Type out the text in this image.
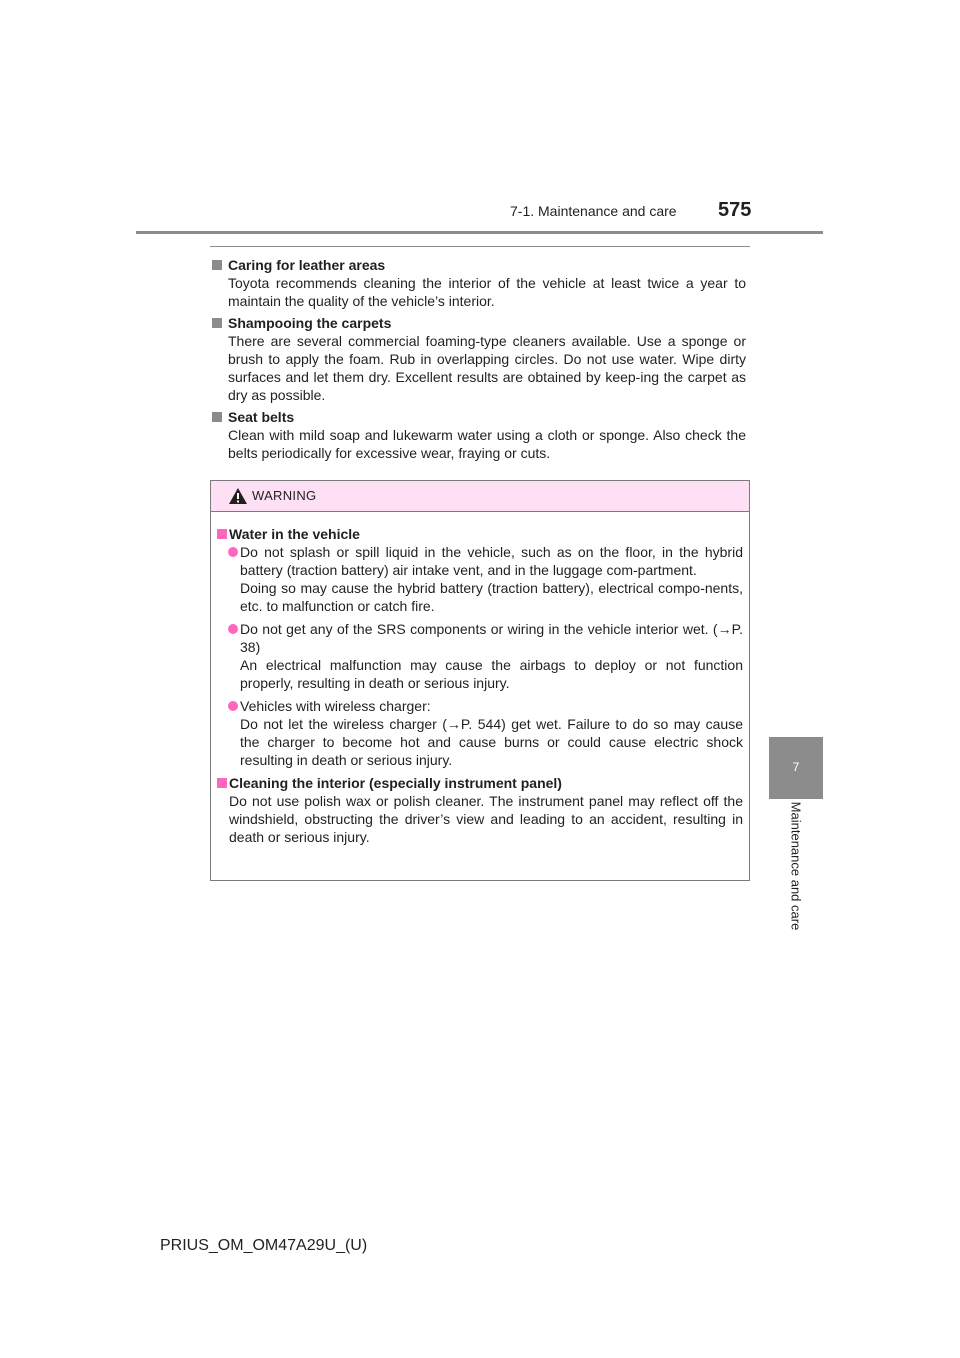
7-1. Maintenance and care 575
7
Maintenance and care
Caring for leather areas
Toyota recommends cleaning the interior of the vehicle at least twice a year to maintain the quality of the vehicle’s interior.
Shampooing the carpets
There are several commercial foaming-type cleaners available. Use a sponge or brush to apply the foam. Rub in overlapping circles. Do not use water. Wipe dirty surfaces and let them dry. Excellent results are obtained by keep-ing the carpet as dry as possible.
Seat belts
Clean with mild soap and lukewarm water using a cloth or sponge. Also check the belts periodically for excessive wear, fraying or cuts.
WARNING
Water in the vehicle
Do not splash or spill liquid in the vehicle, such as on the floor, in the hybrid battery (traction battery) air intake vent, and in the luggage com-partment.
Doing so may cause the hybrid battery (traction battery), electrical compo-nents, etc. to malfunction or catch fire.
Do not get any of the SRS components or wiring in the vehicle interior wet. (→P. 38)
An electrical malfunction may cause the airbags to deploy or not function properly, resulting in death or serious injury.
Vehicles with wireless charger:
Do not let the wireless charger (→P. 544) get wet. Failure to do so may cause the charger to become hot and cause burns or could cause electric shock resulting in death or serious injury.
Cleaning the interior (especially instrument panel)
Do not use polish wax or polish cleaner. The instrument panel may reflect off the windshield, obstructing the driver’s view and leading to an accident, resulting in death or serious injury.
PRIUS_OM_OM47A29U_(U)
